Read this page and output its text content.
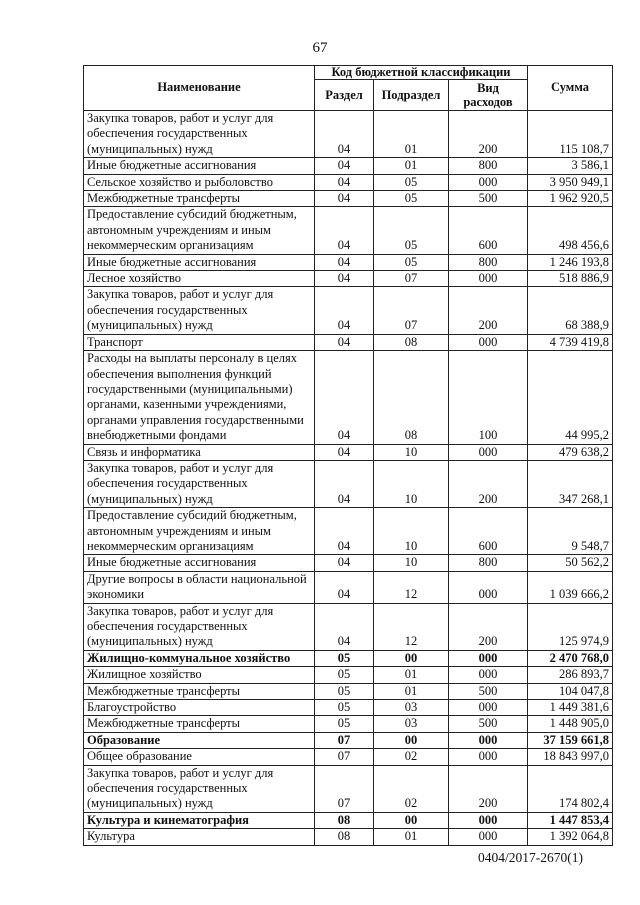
67
Наименование	Код бюджетной классификации			Сумма
	Раздел	Подраздел	Вид расходов	
Закупка товаров, работ и услуг для обеспечения государственных (муниципальных) нужд	04	01	200	115 108,7
Иные бюджетные ассигнования	04	01	800	3 586,1
Сельское хозяйство и рыболовство	04	05	000	3 950 949,1
Межбюджетные трансферты	04	05	500	1 962 920,5
Предоставление субсидий бюджетным, автономным учреждениям и иным некоммерческим организациям	04	05	600	498 456,6
Иные бюджетные ассигнования	04	05	800	1 246 193,8
Лесное хозяйство	04	07	000	518 886,9
Закупка товаров, работ и услуг для обеспечения государственных (муниципальных) нужд	04	07	200	68 388,9
Транспорт	04	08	000	4 739 419,8
Расходы на выплаты персоналу в целях обеспечения выполнения функций государственными (муниципальными) органами, казенными учреждениями, органами управления государственными внебюджетными фондами	04	08	100	44 995,2
Связь и информатика	04	10	000	479 638,2
Закупка товаров, работ и услуг для обеспечения государственных (муниципальных) нужд	04	10	200	347 268,1
Предоставление субсидий бюджетным, автономным учреждениям и иным некоммерческим организациям	04	10	600	9 548,7
Иные бюджетные ассигнования	04	10	800	50 562,2
Другие вопросы в области национальной экономики	04	12	000	1 039 666,2
Закупка товаров, работ и услуг для обеспечения государственных (муниципальных) нужд	04	12	200	125 974,9
Жилищно-коммунальное хозяйство	05	00	000	2 470 768,0
Жилищное хозяйство	05	01	000	286 893,7
Межбюджетные трансферты	05	01	500	104 047,8
Благоустройство	05	03	000	1 449 381,6
Межбюджетные трансферты	05	03	500	1 448 905,0
Образование	07	00	000	37 159 661,8
Общее образование	07	02	000	18 843 997,0
Закупка товаров, работ и услуг для обеспечения государственных (муниципальных) нужд	07	02	200	174 802,4
Культура и кинематография	08	00	000	1 447 853,4
Культура	08	01	000	1 392 064,8
0404/2017-2670(1)
